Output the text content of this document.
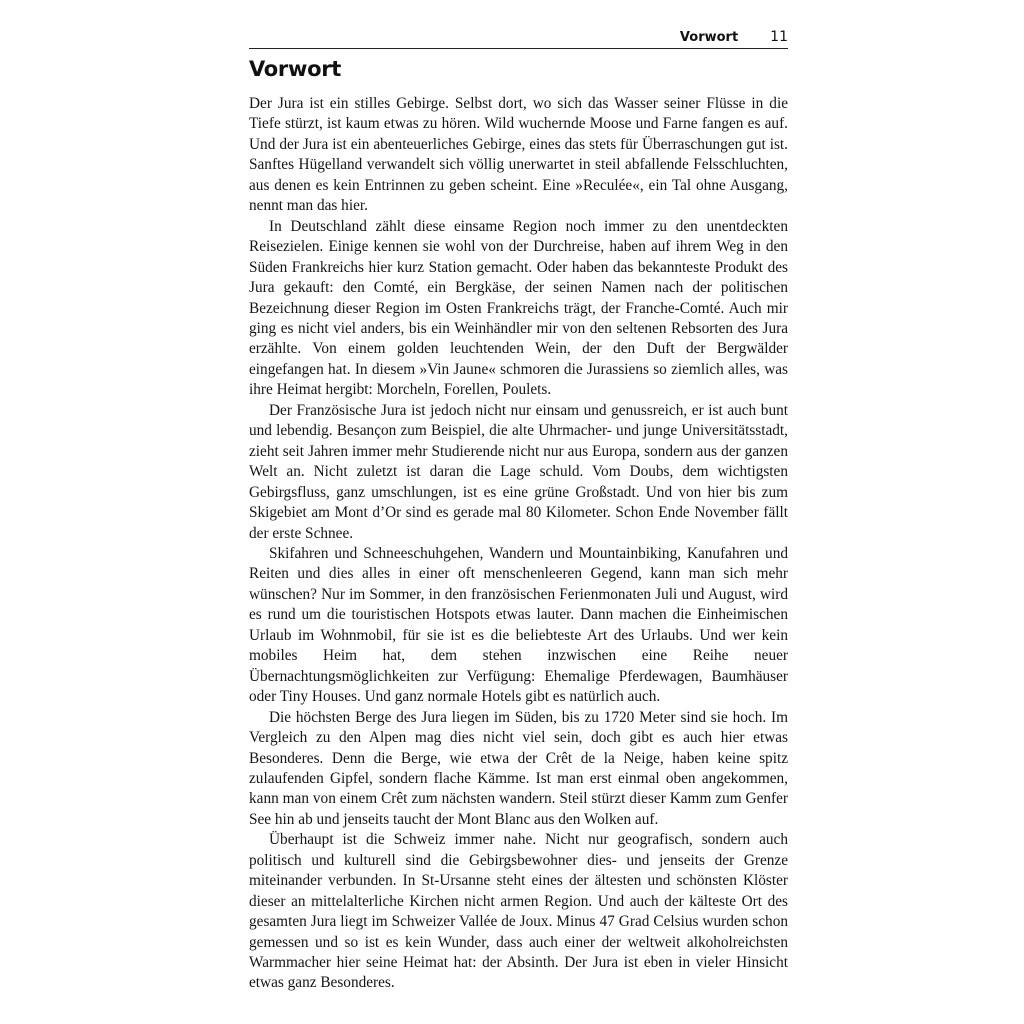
Vorwort 11
Vorwort

Der Jura ist ein stilles Gebirge. Selbst dort, wo sich das Wasser seiner Flüsse in die Tiefe stürzt, ist kaum etwas zu hören. Wild wuchernde Moose und Farne fangen es auf. Und der Jura ist ein abenteuerliches Gebirge, eines das stets für Überraschungen gut ist. Sanftes Hügelland verwandelt sich völlig unerwartet in steil abfallende Felsschluchten, aus denen es kein Entrinnen zu geben scheint. Eine »Reculée«, ein Tal ohne Ausgang, nennt man das hier.

In Deutschland zählt diese einsame Region noch immer zu den unentdeckten Reisezielen. Einige kennen sie wohl von der Durchreise, haben auf ihrem Weg in den Süden Frankreichs hier kurz Station gemacht. Oder haben das bekannteste Produkt des Jura gekauft: den Comté, ein Bergkäse, der seinen Namen nach der politischen Bezeichnung dieser Region im Osten Frankreichs trägt, der Franche-Comté. Auch mir ging es nicht viel anders, bis ein Weinhändler mir von den seltenen Rebsorten des Jura erzählte. Von einem golden leuchtenden Wein, der den Duft der Bergwälder eingefangen hat. In diesem »Vin Jaune« schmoren die Jurassiens so ziemlich alles, was ihre Heimat hergibt: Morcheln, Forellen, Poulets.

Der Französische Jura ist jedoch nicht nur einsam und genussreich, er ist auch bunt und lebendig. Besançon zum Beispiel, die alte Uhrmacher- und junge Universitätsstadt, zieht seit Jahren immer mehr Studierende nicht nur aus Europa, sondern aus der ganzen Welt an. Nicht zuletzt ist daran die Lage schuld. Vom Doubs, dem wichtigsten Gebirgsfluss, ganz umschlungen, ist es eine grüne Großstadt. Und von hier bis zum Skigebiet am Mont d’Or sind es gerade mal 80 Kilometer. Schon Ende November fällt der erste Schnee.

Skifahren und Schneeschuhgehen, Wandern und Mountainbiking, Kanufahren und Reiten und dies alles in einer oft menschenleeren Gegend, kann man sich mehr wünschen? Nur im Sommer, in den französischen Ferienmonaten Juli und August, wird es rund um die touristischen Hotspots etwas lauter. Dann machen die Einheimischen Urlaub im Wohnmobil, für sie ist es die beliebteste Art des Urlaubs. Und wer kein mobiles Heim hat, dem stehen inzwischen eine Reihe neuer Übernachtungsmöglichkeiten zur Verfügung: Ehemalige Pferdewagen, Baumhäuser oder Tiny Houses. Und ganz normale Hotels gibt es natürlich auch.

Die höchsten Berge des Jura liegen im Süden, bis zu 1720 Meter sind sie hoch. Im Vergleich zu den Alpen mag dies nicht viel sein, doch gibt es auch hier etwas Besonderes. Denn die Berge, wie etwa der Crêt de la Neige, haben keine spitz zulaufenden Gipfel, sondern flache Kämme. Ist man erst einmal oben angekommen, kann man von einem Crêt zum nächsten wandern. Steil stürzt dieser Kamm zum Genfer See hin ab und jenseits taucht der Mont Blanc aus den Wolken auf.

Überhaupt ist die Schweiz immer nahe. Nicht nur geografisch, sondern auch politisch und kulturell sind die Gebirgsbewohner dies- und jenseits der Grenze miteinander verbunden. In St-Ursanne steht eines der ältesten und schönsten Klöster dieser an mittelalterliche Kirchen nicht armen Region. Und auch der kälteste Ort des gesamten Jura liegt im Schweizer Vallée de Joux. Minus 47 Grad Celsius wurden schon gemessen und so ist es kein Wunder, dass auch einer der weltweit alkoholreichsten Warmmacher hier seine Heimat hat: der Absinth. Der Jura ist eben in vieler Hinsicht etwas ganz Besonderes.
